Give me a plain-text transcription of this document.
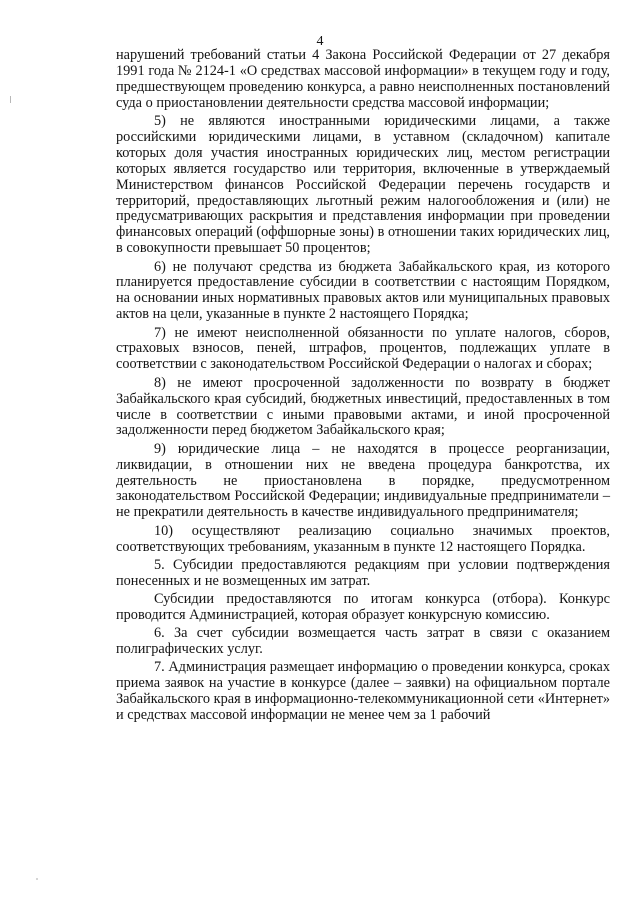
4

нарушений требований статьи 4 Закона Российской Федерации от 27 декабря 1991 года № 2124-1 «О средствах массовой информации» в текущем году и году, предшествующем проведению конкурса, а равно неисполненных постановлений суда о приостановлении деятельности средства массовой информации;

5) не являются иностранными юридическими лицами, а также российскими юридическими лицами, в уставном (складочном) капитале которых доля участия иностранных юридических лиц, местом регистрации которых является государство или территория, включенные в утверждаемый Министерством финансов Российской Федерации перечень государств и территорий, предоставляющих льготный режим налогообложения и (или) не предусматривающих раскрытия и представления информации при проведении финансовых операций (оффшорные зоны) в отношении таких юридических лиц, в совокупности превышает 50 процентов;

6) не получают средства из бюджета Забайкальского края, из которого планируется предоставление субсидии в соответствии с настоящим Порядком, на основании иных нормативных правовых актов или муниципальных правовых актов на цели, указанные в пункте 2 настоящего Порядка;

7) не имеют неисполненной обязанности по уплате налогов, сборов, страховых взносов, пеней, штрафов, процентов, подлежащих уплате в соответствии с законодательством Российской Федерации о налогах и сборах;

8) не имеют просроченной задолженности по возврату в бюджет Забайкальского края субсидий, бюджетных инвестиций, предоставленных в том числе в соответствии с иными правовыми актами, и иной просроченной задолженности перед бюджетом Забайкальского края;

9) юридические лица – не находятся в процессе реорганизации, ликвидации, в отношении них не введена процедура банкротства, их деятельность не приостановлена в порядке, предусмотренном законодательством Российской Федерации; индивидуальные предприниматели – не прекратили деятельность в качестве индивидуального предпринимателя;

10) осуществляют реализацию социально значимых проектов, соответствующих требованиям, указанным в пункте 12 настоящего Порядка.

5. Субсидии предоставляются редакциям при условии подтверждения понесенных и не возмещенных им затрат.

Субсидии предоставляются по итогам конкурса (отбора). Конкурс проводится Администрацией, которая образует конкурсную комиссию.

6. За счет субсидии возмещается часть затрат в связи с оказанием полиграфических услуг.

7. Администрация размещает информацию о проведении конкурса, сроках приема заявок на участие в конкурсе (далее – заявки) на официальном портале Забайкальского края в информационно-телекоммуникационной сети «Интернет» и средствах массовой информации не менее чем за 1 рабочий
